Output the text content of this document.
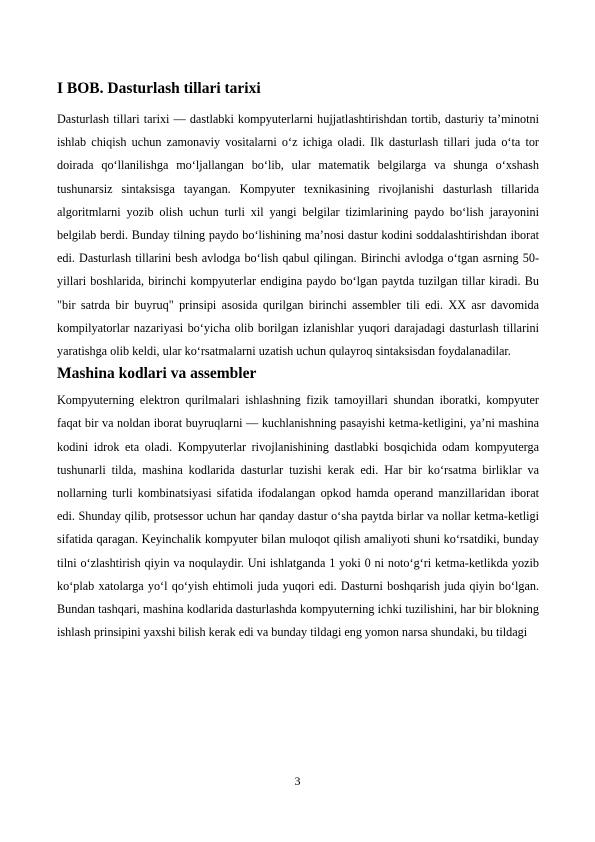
I BOB. Dasturlash tillari tarixi

Dasturlash tillari tarixi — dastlabki kompyuterlarni hujjatlashtirishdan tortib, dasturiy taʼminotni ishlab chiqish uchun zamonaviy vositalarni oʻz ichiga oladi. Ilk dasturlash tillari juda oʻta tor doirada qoʻllanilishga moʻljallangan boʻlib, ular matematik belgilarga va shunga oʻxshash tushunarsiz sintaksisga tayangan. Kompyuter texnikasining rivojlanishi dasturlash tillarida algoritmlarni yozib olish uchun turli xil yangi belgilar tizimlarining paydo boʻlish jarayonini belgilab berdi. Bunday tilning paydo boʻlishining maʼnosi dastur kodini soddalashtirishdan iborat edi. Dasturlash tillarini besh avlodga boʻlish qabul qilingan. Birinchi avlodga oʻtgan asrning 50-yillari boshlarida, birinchi kompyuterlar endigina paydo boʻlgan paytda tuzilgan tillar kiradi. Bu "bir satrda bir buyruq" prinsipi asosida qurilgan birinchi assembler tili edi. XX asr davomida kompilyatorlar nazariyasi boʻyicha olib borilgan izlanishlar yuqori darajadagi dasturlash tillarini yaratishga olib keldi, ular koʻrsatmalarni uzatish uchun qulayroq sintaksisdan foydalanadilar.

Mashina kodlari va assembler

Kompyuterning elektron qurilmalari ishlashning fizik tamoyillari shundan iboratki, kompyuter faqat bir va noldan iborat buyruqlarni — kuchlanishning pasayishi ketma-ketligini, yaʼni mashina kodini idrok eta oladi. Kompyuterlar rivojlanishining dastlabki bosqichida odam kompyuterga tushunarli tilda, mashina kodlarida dasturlar tuzishi kerak edi. Har bir koʻrsatma birliklar va nollarning turli kombinatsiyasi sifatida ifodalangan opkod hamda operand manzillaridan iborat edi. Shunday qilib, protsessor uchun har qanday dastur oʻsha paytda birlar va nollar ketma-ketligi sifatida qaragan. Keyinchalik kompyuter bilan muloqot qilish amaliyoti shuni koʻrsatdiki, bunday tilni oʻzlashtirish qiyin va noqulaydir. Uni ishlatganda 1 yoki 0 ni notoʻgʻri ketma-ketlikda yozib koʻplab xatolarga yoʻl qoʻyish ehtimoli juda yuqori edi. Dasturni boshqarish juda qiyin boʻlgan. Bundan tashqari, mashina kodlarida dasturlashda kompyuterning ichki tuzilishini, har bir blokning ishlash prinsipini yaxshi bilish kerak edi va bunday tildagi eng yomon narsa shundaki, bu tildagi

3
